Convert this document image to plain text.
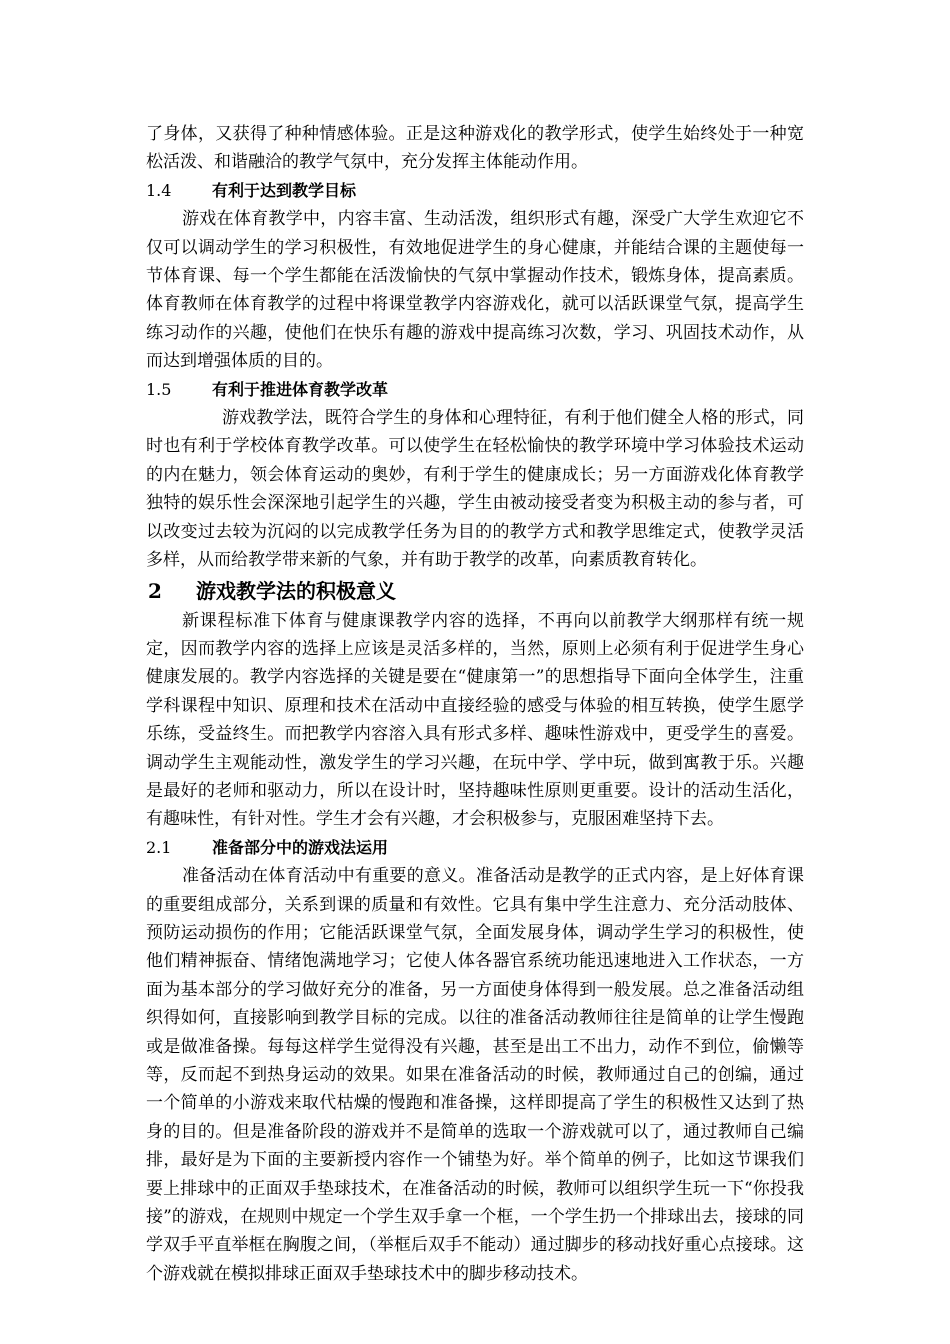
了身体，又获得了种种情感体验。正是这种游戏化的教学形式，使学生始终处于一种宽松活泼、和谐融洽的教学气氛中，充分发挥主体能动作用。

1.4	有利于达到教学目标

游戏在体育教学中，内容丰富、生动活泼，组织形式有趣，深受广大学生欢迎它不仅可以调动学生的学习积极性，有效地促进学生的身心健康，并能结合课的主题使每一节体育课、每一个学生都能在活泼愉快的气氛中掌握动作技术，锻炼身体，提高素质。体育教师在体育教学的过程中将课堂教学内容游戏化，就可以活跃课堂气氛，提高学生练习动作的兴趣，使他们在快乐有趣的游戏中提高练习次数，学习、巩固技术动作，从而达到增强体质的目的。

1.5	有利于推进体育教学改革

游戏教学法，既符合学生的身体和心理特征，有利于他们健全人格的形式，同时也有利于学校体育教学改革。可以使学生在轻松愉快的教学环境中学习体验技术运动的内在魅力，领会体育运动的奥妙，有利于学生的健康成长；另一方面游戏化体育教学独特的娱乐性会深深地引起学生的兴趣，学生由被动接受者变为积极主动的参与者，可以改变过去较为沉闷的以完成教学任务为目的的教学方式和教学思维定式，使教学灵活多样，从而给教学带来新的气象，并有助于教学的改革，向素质教育转化。

2 游戏教学法的积极意义

新课程标准下体育与健康课教学内容的选择，不再向以前教学大纲那样有统一规定，因而教学内容的选择上应该是灵活多样的，当然，原则上必须有利于促进学生身心健康发展的。教学内容选择的关键是要在“健康第一”的思想指导下面向全体学生，注重学科课程中知识、原理和技术在活动中直接经验的感受与体验的相互转换，使学生愿学乐练，受益终生。而把教学内容溶入具有形式多样、趣味性游戏中，更受学生的喜爱。调动学生主观能动性，激发学生的学习兴趣，在玩中学、学中玩，做到寓教于乐。兴趣是最好的老师和驱动力，所以在设计时，坚持趣味性原则更重要。设计的活动生活化，有趣味性，有针对性。学生才会有兴趣，才会积极参与，克服困难坚持下去。

2.1	准备部分中的游戏法运用

准备活动在体育活动中有重要的意义。准备活动是教学的正式内容，是上好体育课的重要组成部分，关系到课的质量和有效性。它具有集中学生注意力、充分活动肢体、预防运动损伤的作用；它能活跃课堂气氛，全面发展身体，调动学生学习的积极性，使他们精神振奋、情绪饱满地学习；它使人体各器官系统功能迅速地进入工作状态，一方面为基本部分的学习做好充分的准备，另一方面使身体得到一般发展。总之准备活动组织得如何，直接影响到教学目标的完成。以往的准备活动教师往往是简单的让学生慢跑或是做准备操。每每这样学生觉得没有兴趣，甚至是出工不出力，动作不到位，偷懒等等，反而起不到热身运动的效果。如果在准备活动的时候，教师通过自己的创编，通过一个简单的小游戏来取代枯燥的慢跑和准备操，这样即提高了学生的积极性又达到了热身的目的。但是准备阶段的游戏并不是简单的选取一个游戏就可以了，通过教师自己编排，最好是为下面的主要新授内容作一个铺垫为好。举个简单的例子，比如这节课我们要上排球中的正面双手垫球技术，在准备活动的时候，教师可以组织学生玩一下“你投我接”的游戏，在规则中规定一个学生双手拿一个框，一个学生扔一个排球出去，接球的同学双手平直举框在胸腹之间，（举框后双手不能动）通过脚步的移动找好重心点接球。这个游戏就在模拟排球正面双手垫球技术中的脚步移动技术。
